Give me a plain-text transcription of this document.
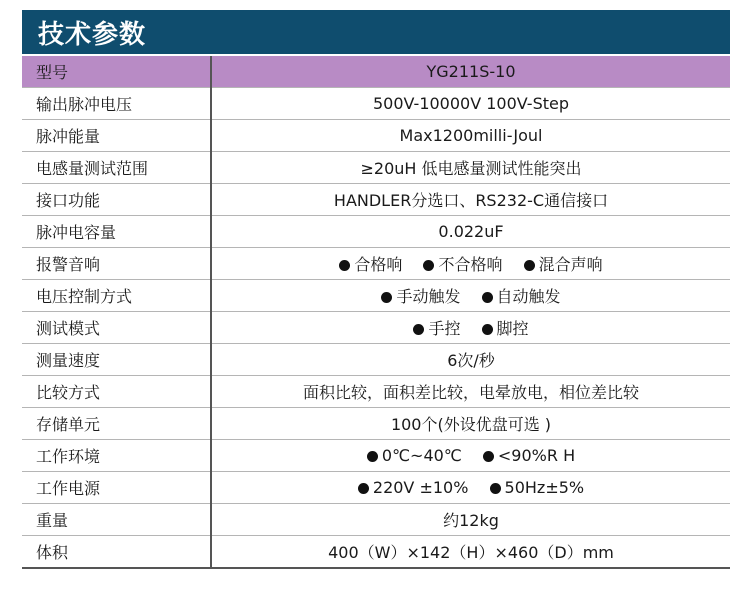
技术参数
型号	YG211S-10
输出脉冲电压	500V-10000V 100V-Step
脉冲能量	Max1200milli-Joul
电感量测试范围	≥20uH 低电感量测试性能突出
接口功能	HANDLER分选口、RS232-C通信接口
脉冲电容量	0.022uF
报警音响	合格响 不合格响 混合声响
电压控制方式	手动触发 自动触发
测试模式	手控 脚控
测量速度	6次/秒
比较方式	面积比较，面积差比较，电晕放电，相位差比较
存储单元	100个(外设优盘可选 )
工作环境	0℃~40℃ <90%R H
工作电源	220V ±10% 50Hz±5%
重量	约12kg
体积	400（W）×142（H）×460（D）mm
